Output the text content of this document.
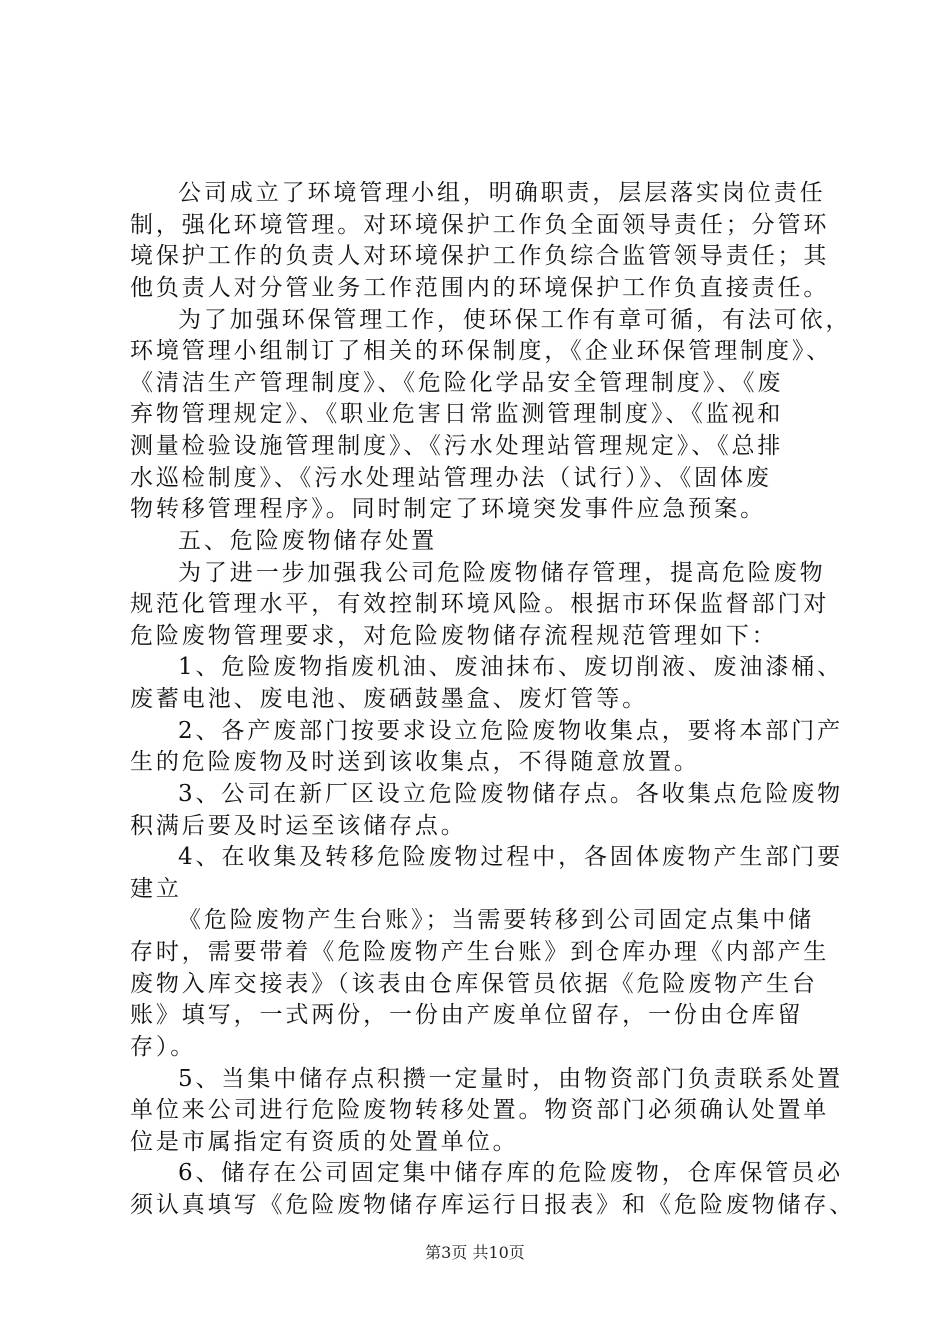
公司成立了环境管理小组，明确职责，层层落实岗位责任
制，强化环境管理。对环境保护工作负全面领导责任；分管环
境保护工作的负责人对环境保护工作负综合监管领导责任；其
他负责人对分管业务工作范围内的环境保护工作负直接责任。
为了加强环保管理工作，使环保工作有章可循，有法可依，
环境管理小组制订了相关的环保制度，《企业环保管理制度》、
《清洁生产管理制度》、《危险化学品安全管理制度》、《废
弃物管理规定》、《职业危害日常监测管理制度》、《监视和
测量检验设施管理制度》、《污水处理站管理规定》、《总排
水巡检制度》、《污水处理站管理办法（试行）》、《固体废
物转移管理程序》。同时制定了环境突发事件应急预案。
五、危险废物储存处置
为了进一步加强我公司危险废物储存管理，提高危险废物
规范化管理水平，有效控制环境风险。根据市环保监督部门对
危险废物管理要求，对危险废物储存流程规范管理如下：
1、危险废物指废机油、废油抹布、废切削液、废油漆桶、
废蓄电池、废电池、废硒鼓墨盒、废灯管等。
2、各产废部门按要求设立危险废物收集点，要将本部门产
生的危险废物及时送到该收集点，不得随意放置。
3、公司在新厂区设立危险废物储存点。各收集点危险废物
积满后要及时运至该储存点。
4、在收集及转移危险废物过程中，各固体废物产生部门要
建立
《危险废物产生台账》；当需要转移到公司固定点集中储
存时，需要带着《危险废物产生台账》到仓库办理《内部产生
废物入库交接表》（该表由仓库保管员依据《危险废物产生台
账》填写，一式两份，一份由产废单位留存，一份由仓库留
存）。
5、当集中储存点积攒一定量时，由物资部门负责联系处置
单位来公司进行危险废物转移处置。物资部门必须确认处置单
位是市属指定有资质的处置单位。
6、储存在公司固定集中储存库的危险废物，仓库保管员必
须认真填写《危险废物储存库运行日报表》和《危险废物储存、
第3页 共10页
